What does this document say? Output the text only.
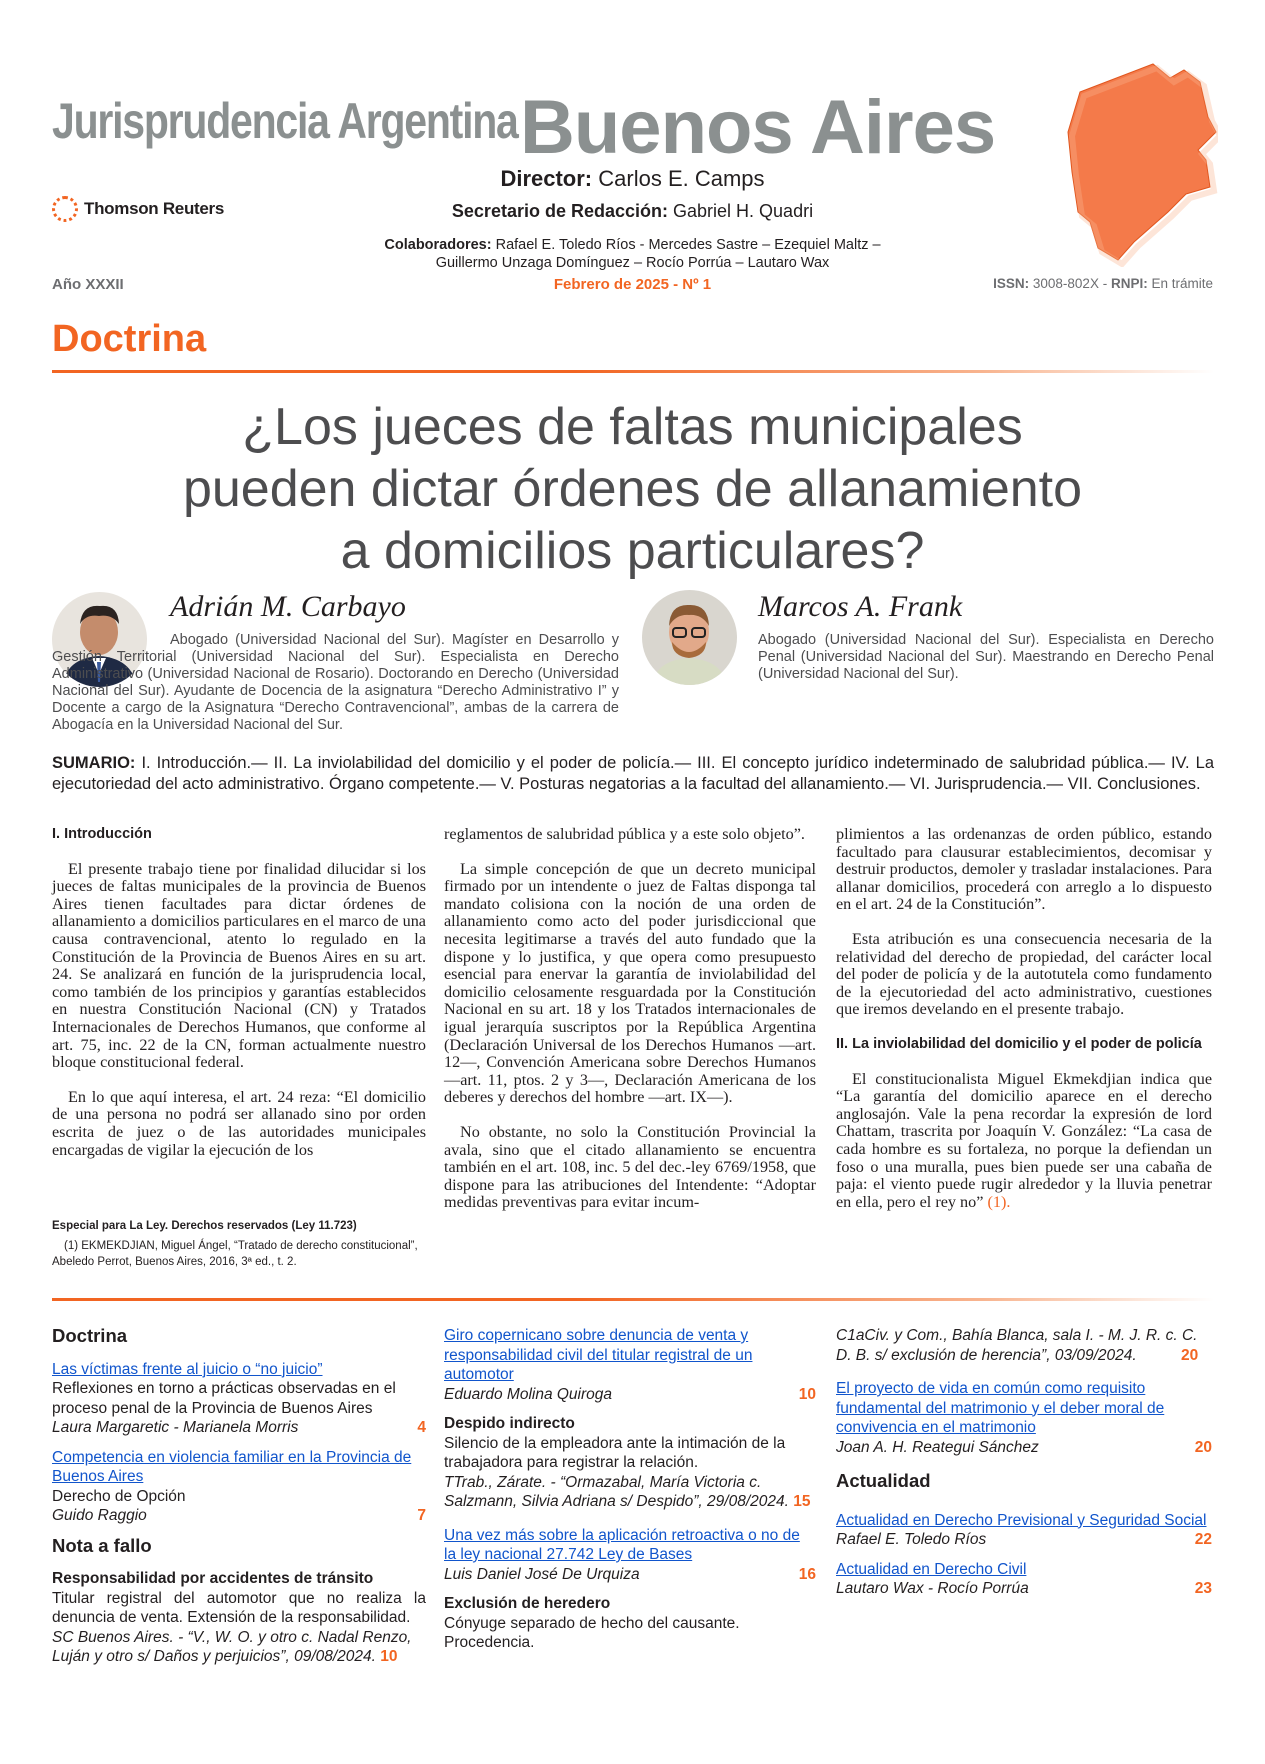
Jurisprudencia Argentina Buenos Aires
Director: Carlos E. Camps
Secretario de Redacción: Gabriel H. Quadri
Thomson Reuters
Colaboradores: Rafael E. Toledo Ríos - Mercedes Sastre – Ezequiel Maltz –
Guillermo Unzaga Domínguez – Rocío Porrúa – Lautaro Wax
Año XXXII	Febrero de 2025 - Nº 1	ISSN: 3008-802X - RNPI: En trámite
Doctrina
¿Los jueces de faltas municipales
pueden dictar órdenes de allanamiento
a domicilios particulares?
Adrián M. Carbayo
Abogado (Universidad Nacional del Sur). Magíster en Desarrollo y Gestión Territorial (Universidad Nacional del Sur). Especialista en Derecho Administrativo (Universidad Nacional de Rosario). Doctorando en Derecho (Universidad Nacional del Sur). Ayudante de Docencia de la asignatura “Derecho Administrativo I” y Docente a cargo de la Asignatura “Derecho Contravencional”, ambas de la carrera de Abogacía en la Universidad Nacional del Sur.
Marcos A. Frank
Abogado (Universidad Nacional del Sur). Especialista en Derecho Penal (Universidad Nacional del Sur). Maestrando en Derecho Penal (Universidad Nacional del Sur).
SUMARIO: I. Introducción.— II. La inviolabilidad del domicilio y el poder de policía.— III. El concepto jurídico indeterminado de salubridad pública.— IV. La ejecutoriedad del acto administrativo. Órgano competente.— V. Posturas negatorias a la facultad del allanamiento.— VI. Jurisprudencia.— VII. Conclusiones.
I. Introducción

El presente trabajo tiene por finalidad dilucidar si los jueces de faltas municipales de la provincia de Buenos Aires tienen facultades para dictar órdenes de allanamiento a domicilios particulares en el marco de una causa contravencional, atento lo regulado en la Constitución de la Provincia de Buenos Aires en su art. 24. Se analizará en función de la jurisprudencia local, como también de los principios y garantías establecidos en nuestra Constitución Nacional (CN) y Tratados Internacionales de Derechos Humanos, que conforme al art. 75, inc. 22 de la CN, forman actualmente nuestro bloque constitucional federal.

En lo que aquí interesa, el art. 24 reza: “El domicilio de una persona no podrá ser allanado sino por orden escrita de juez o de las autoridades municipales encargadas de vigilar la ejecución de los

Especial para La Ley. Derechos reservados (Ley 11.723)
(1) EKMEKDJIAN, Miguel Ángel, “Tratado de derecho constitucional”, Abeledo Perrot, Buenos Aires, 2016, 3ª ed., t. 2.

reglamentos de salubridad pública y a este solo objeto”.

La simple concepción de que un decreto municipal firmado por un intendente o juez de Faltas disponga tal mandato colisiona con la noción de una orden de allanamiento como acto del poder jurisdiccional que necesita legitimarse a través del auto fundado que la dispone y lo justifica, y que opera como presupuesto esencial para enervar la garantía de inviolabilidad del domicilio celosamente resguardada por la Constitución Nacional en su art. 18 y los Tratados internacionales de igual jerarquía suscriptos por la República Argentina (Declaración Universal de los Derechos Humanos —art. 12—, Convención Americana sobre Derechos Humanos —art. 11, ptos. 2 y 3—, Declaración Americana de los deberes y derechos del hombre —art. IX—).

No obstante, no solo la Constitución Provincial la avala, sino que el citado allanamiento se encuentra también en el art. 108, inc. 5 del dec.-ley 6769/1958, que dispone para las atribuciones del Intendente: “Adoptar medidas preventivas para evitar incum-

plimientos a las ordenanzas de orden público, estando facultado para clausurar establecimientos, decomisar y destruir productos, demoler y trasladar instalaciones. Para allanar domicilios, procederá con arreglo a lo dispuesto en el art. 24 de la Constitución”.

Esta atribución es una consecuencia necesaria de la relatividad del derecho de propiedad, del carácter local del poder de policía y de la autotutela como fundamento de la ejecutoriedad del acto administrativo, cuestiones que iremos develando en el presente trabajo.

II. La inviolabilidad del domicilio y el poder de policía

El constitucionalista Miguel Ekmekdjian indica que “La garantía del domicilio aparece en el derecho anglosajón. Vale la pena recordar la expresión de lord Chattam, trascrita por Joaquín V. González: “La casa de cada hombre es su fortaleza, no porque la defiendan un foso o una muralla, pues bien puede ser una cabaña de paja: el viento puede rugir alrededor y la lluvia penetrar en ella, pero el rey no” (1).

Doctrina
Las víctimas frente al juicio o “no juicio”
Reflexiones en torno a prácticas observadas en el proceso penal de la Provincia de Buenos Aires
Laura Margaretic - Marianela Morris	4
Competencia en violencia familiar en la Provincia de Buenos Aires
Derecho de Opción
Guido Raggio	7
Nota a fallo
Responsabilidad por accidentes de tránsito
Titular registral del automotor que no realiza la denuncia de venta. Extensión de la responsabilidad.
SC Buenos Aires. - “V., W. O. y otro c. Nadal Renzo, Luján y otro s/ Daños y perjuicios”, 09/08/2024. 10
Giro copernicano sobre denuncia de venta y responsabilidad civil del titular registral de un automotor
Eduardo Molina Quiroga	10
Despido indirecto
Silencio de la empleadora ante la intimación de la trabajadora para registrar la relación.
TTrab., Zárate. - “Ormazabal, María Victoria c. Salzmann, Silvia Adriana s/ Despido”, 29/08/2024. 15
Una vez más sobre la aplicación retroactiva o no de la ley nacional 27.742 Ley de Bases
Luis Daniel José De Urquiza	16
Exclusión de heredero
Cónyuge separado de hecho del causante. Procedencia.
C1aCiv. y Com., Bahía Blanca, sala I. - M. J. R. c. C. D. B. s/ exclusión de herencia”, 03/09/2024.	20
El proyecto de vida en común como requisito fundamental del matrimonio y el deber moral de convivencia en el matrimonio
Joan A. H. Reategui Sánchez	20
Actualidad
Actualidad en Derecho Previsional y Seguridad Social
Rafael E. Toledo Ríos	22
Actualidad en Derecho Civil
Lautaro Wax - Rocío Porrúa	23
